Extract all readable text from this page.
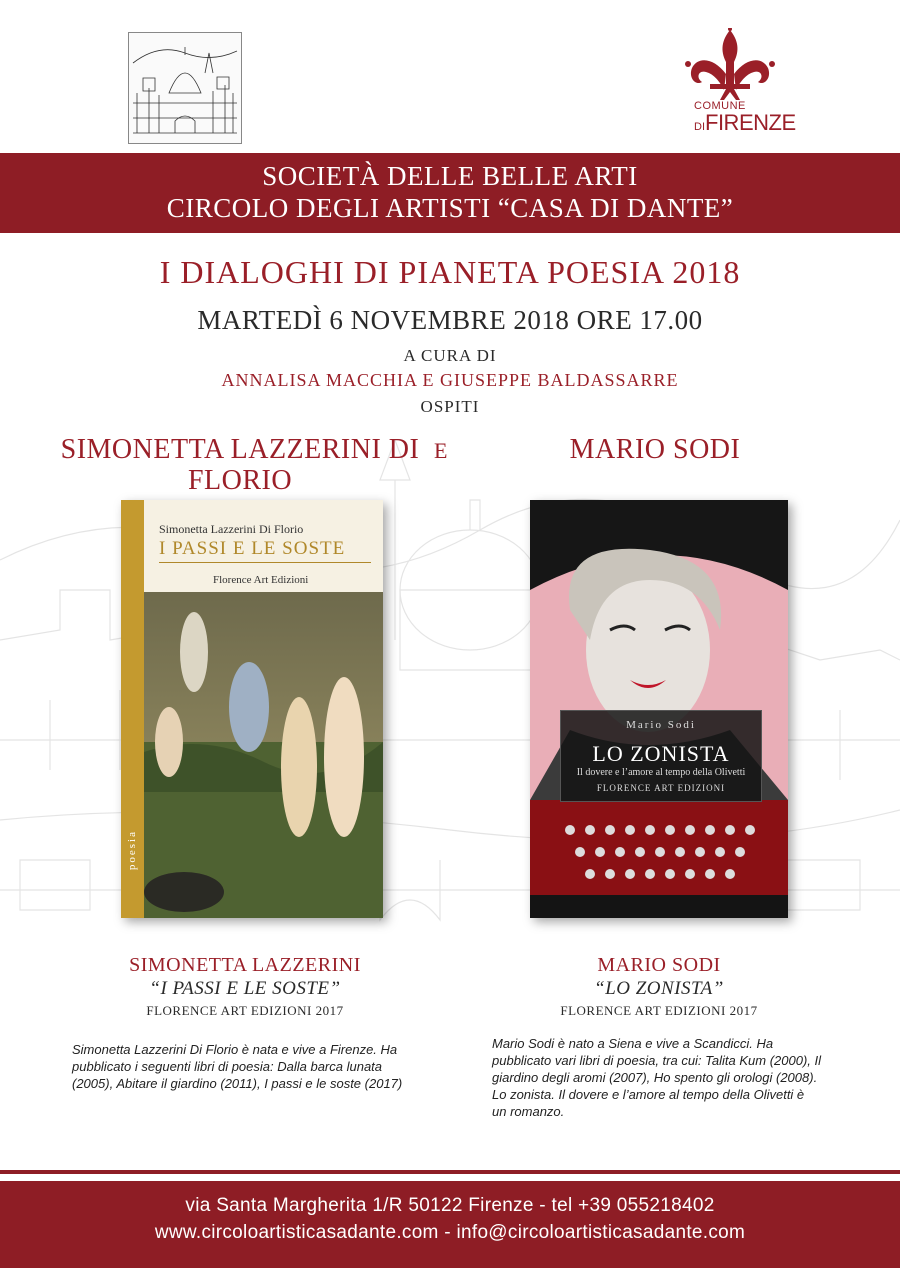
COMUNE
DIFIRENZE
SOCIETÀ DELLE BELLE ARTI
CIRCOLO DEGLI ARTISTI “CASA DI DANTE”
I DIALOGHI DI PIANETA POESIA 2018
MARTEDÌ 6 NOVEMBRE 2018 ORE 17.00
A CURA DI
ANNALISA MACCHIA E GIUSEPPE BALDASSARRE
OSPITI
SIMONETTA LAZZERINI DI FLORIO
E	MARIO SODI
poesia
Simonetta Lazzerini Di Florio
I PASSI E LE SOSTE
Florence Art Edizioni
Mario Sodi
LO ZONISTA
Il dovere e l’amore al tempo della Olivetti
FLORENCE ART EDIZIONI
SIMONETTA LAZZERINI
“I PASSI E LE SOSTE”
FLORENCE ART EDIZIONI 2017
Simonetta Lazzerini Di Florio è nata e vive a Firenze. Ha pubblicato i seguenti libri di poesia: Dalla barca lunata (2005), Abitare il giardino (2011), I passi e le soste (2017)
MARIO SODI
“LO ZONISTA”
FLORENCE ART EDIZIONI 2017
Mario Sodi è nato a Siena e vive a Scandicci. Ha pubblicato vari libri di poesia, tra cui: Talita Kum (2000), Il giardino degli aromi (2007), Ho spento gli orologi (2008). Lo zonista. Il dovere e l’amore al tempo della Olivetti è un romanzo.
via Santa Margherita 1/R 50122 Firenze - tel +39 055218402
www.circoloartisticasadante.com - info@circoloartisticasadante.com
